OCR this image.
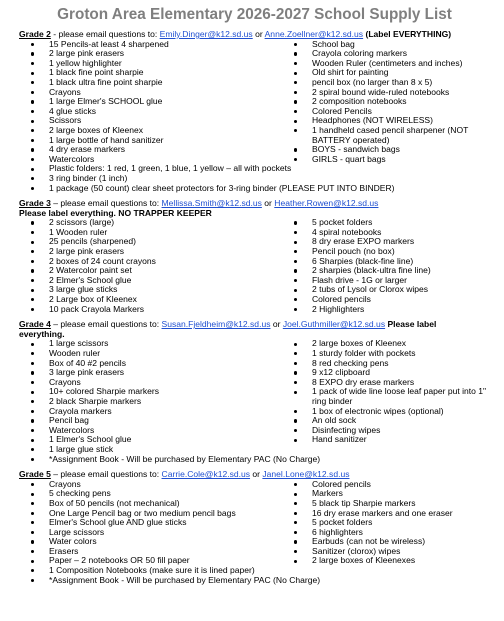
Groton Area Elementary 2026-2027 School Supply List
Grade 2 - please email questions to: Emily.Dinger@k12.sd.us or Anne.Zoellner@k12.sd.us (Label EVERYTHING)
15 Pencils-at least 4 sharpened
2 large pink erasers
1 yellow highlighter
1 black fine point sharpie
1 black ultra fine point sharpie
Crayons
1 large Elmer's SCHOOL glue
4 glue sticks
Scissors
2 large boxes of Kleenex
1 large bottle of hand sanitizer
4 dry erase markers
Watercolors
School bag
Crayola coloring markers
Wooden Ruler (centimeters and inches)
Old shirt for painting
pencil box (no larger than 8 x 5)
2 spiral bound wide-ruled notebooks
2 composition notebooks
Colored Pencils
Headphones (NOT WIRELESS)
1 handheld cased pencil sharpener (NOT BATTERY operated)
BOYS - sandwich bags
GIRLS - quart bags
Plastic folders: 1 red, 1 green, 1 blue, 1 yellow – all with pockets
3 ring binder (1 inch)
1 package (50 count) clear sheet protectors for 3-ring binder (PLEASE PUT INTO BINDER)
Grade 3 – please email questions to: Mellissa.Smith@k12.sd.us or Heather.Rowen@k12.sd.us
Please label everything. NO TRAPPER KEEPER
2 scissors (large)
1 Wooden ruler
25 pencils (sharpened)
2 large pink erasers
2 boxes of 24 count crayons
2 Watercolor paint set
2 Elmer's School glue
3 large glue sticks
2 Large box of Kleenex
10 pack Crayola Markers
5 pocket folders
4 spiral notebooks
8 dry erase EXPO markers
Pencil pouch (no box)
6 Sharpies (black-fine line)
2 sharpies (black-ultra fine line)
Flash drive - 1G or larger
2 tubs of Lysol or Clorox wipes
Colored pencils
2 Highlighters
Grade 4 – please email questions to: Susan.Fjeldheim@k12.sd.us or Joel.Guthmiller@k12.sd.us Please label
everything.
1 large scissors
Wooden ruler
Box of 40 #2 pencils
3 large pink erasers
Crayons
10+ colored Sharpie markers
2 black Sharpie markers
Crayola markers
Pencil bag
Watercolors
1 Elmer's School glue
1 large glue stick
2 large boxes of Kleenex
1 sturdy folder with pockets
8 red checking pens
9 x12 clipboard
8 EXPO dry erase markers
1 pack of wide line loose leaf paper put into 1" ring binder
1 box of electronic wipes (optional)
An old sock
Disinfecting wipes
Hand sanitizer
*Assignment Book - Will be purchased by Elementary PAC (No Charge)
Grade 5 – please email questions to: Carrie.Cole@k12.sd.us or Janel.Lone@k12.sd.us
Crayons
5 checking pens
Box of 50 pencils (not mechanical)
One Large Pencil bag or two medium pencil bags
Elmer's School glue AND glue sticks
Large scissors
Water colors
Erasers
Paper – 2 notebooks OR 50 fill paper
Colored pencils
Markers
5 black tip Sharpie markers
16 dry erase markers and one eraser
5 pocket folders
6 highlighters
Earbuds (can not be wireless)
Sanitizer (clorox) wipes
2 large boxes of Kleenexes
1 Composition Notebooks (make sure it is lined paper)
*Assignment Book - Will be purchased by Elementary PAC (No Charge)
